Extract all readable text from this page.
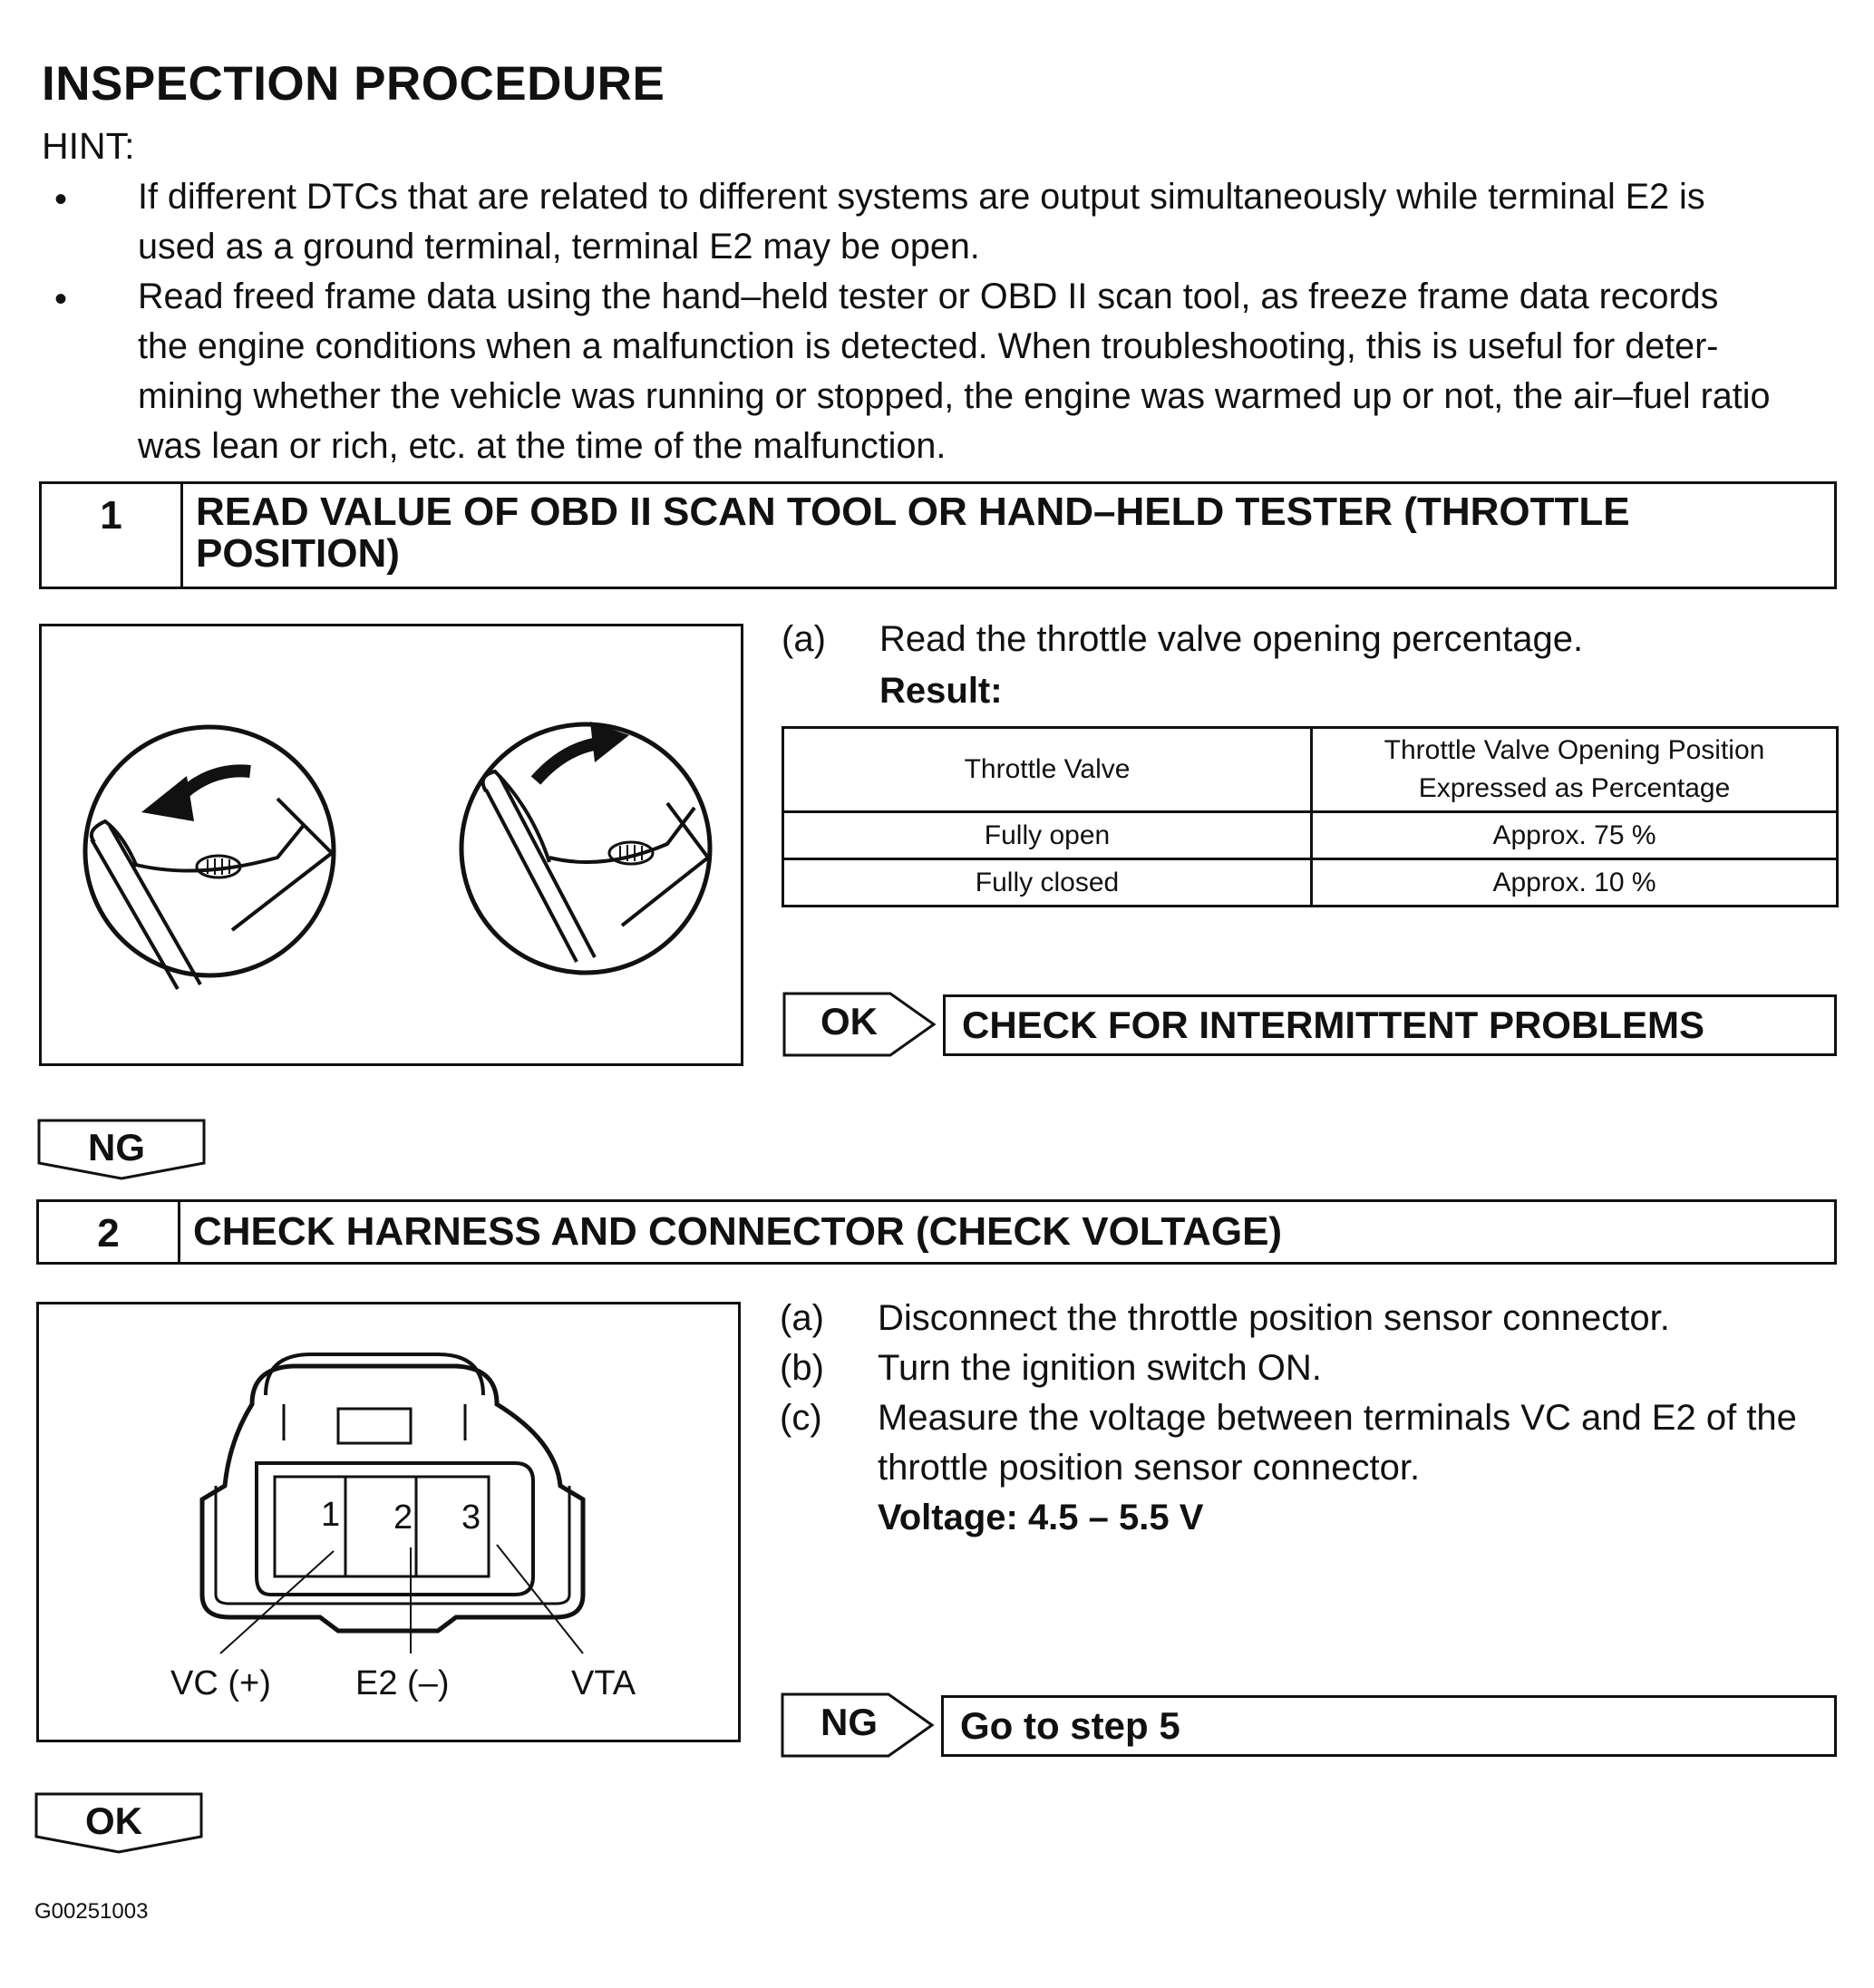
INSPECTION PROCEDURE
HINT:
• If different DTCs that are related to different systems are output simultaneously while terminal E2 is
used as a ground terminal, terminal E2 may be open.
• Read freed frame data using the hand–held tester or OBD II scan tool, as freeze frame data records
the engine conditions when a malfunction is detected. When troubleshooting, this is useful for deter-
mining whether the vehicle was running or stopped, the engine was warmed up or not, the air–fuel ratio
was lean or rich, etc. at the time of the malfunction.
1	READ VALUE OF OBD II SCAN TOOL OR HAND–HELD TESTER (THROTTLE
POSITION)
(a) Read the throttle valve opening percentage.
Result:
Throttle Valve	Throttle Valve Opening Position
Expressed as Percentage

Fully open	Approx. 75 %
Fully closed	Approx. 10 %
OK CHECK FOR INTERMITTENT PROBLEMS
NG
2	CHECK HARNESS AND CONNECTOR (CHECK VOLTAGE)
1 2 3
VC (+) E2 (–)	VTA
(a) Disconnect the throttle position sensor connector.
(b) Turn the ignition switch ON.
(c) Measure the voltage between terminals VC and E2 of the
throttle position sensor connector.
Voltage: 4.5 – 5.5 V
NG Go to step 5
OK
G00251003
